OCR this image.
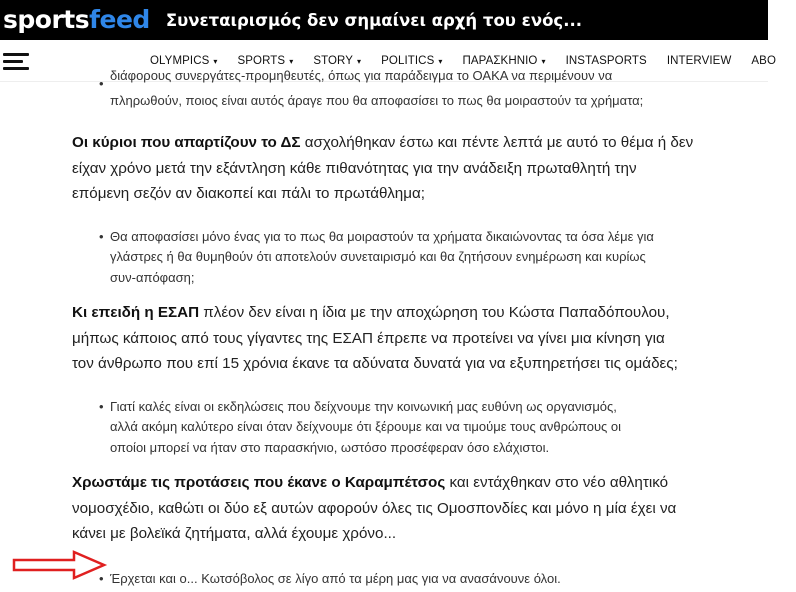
sports feed Συνεταιρισμός δεν σημαίνει αρχή του ενός...
OLYMPICS ▾ SPORTS ▾ STORY ▾ POLITICS ▾ ΠΑΡΑΣΚΗΝΙΟ ▾ INSTASPORTS INTERVIEW ABO
• διάφορους συνεργάτες-προμηθευτές, όπως για παράδειγμα το ΟΑΚΑ να περιμένουν να
πληρωθούν, ποιος είναι αυτός άραγε που θα αποφασίσει το πως θα μοιραστούν τα χρήματα;
Οι κύριοι που απαρτίζουν το ΔΣ ασχολήθηκαν έστω και πέντε λεπτά με αυτό το θέμα ή δεν
είχαν χρόνο μετά την εξάντληση κάθε πιθανότητας για την ανάδειξη πρωταθλητή την
επόμενη σεζόν αν διακοπεί και πάλι το πρωτάθλημα;
• Θα αποφασίσει μόνο ένας για το πως θα μοιραστούν τα χρήματα δικαιώνοντας τα όσα λέμε για
γλάστρες ή θα θυμηθούν ότι αποτελούν συνεταιρισμό και θα ζητήσουν ενημέρωση και κυρίως
συν-απόφαση;
Κι επειδή η ΕΣΑΠ πλέον δεν είναι η ίδια με την αποχώρηση του Κώστα Παπαδόπουλου,
μήπως κάποιος από τους γίγαντες της ΕΣΑΠ έπρεπε να προτείνει να γίνει μια κίνηση για
τον άνθρωπο που επί 15 χρόνια έκανε τα αδύνατα δυνατά για να εξυπηρετήσει τις ομάδες;
• Γιατί καλές είναι οι εκδηλώσεις που δείχνουμε την κοινωνική μας ευθύνη ως οργανισμός,
αλλά ακόμη καλύτερο είναι όταν δείχνουμε ότι ξέρουμε και να τιμούμε τους ανθρώπους οι
οποίοι μπορεί να ήταν στο παρασκήνιο, ωστόσο προσέφεραν όσο ελάχιστοι.
Χρωστάμε τις προτάσεις που έκανε ο Καραμπέτσος και εντάχθηκαν στο νέο αθλητικό
νομοσχέδιο, καθώτι οι δύο εξ αυτών αφορούν όλες τις Ομοσπονδίες και μόνο η μία έχει να
κάνει με βολεϊκά ζητήματα, αλλά έχουμε χρόνο...
• Έρχεται και ο... Κωτσόβολος σε λίγο από τα μέρη μας για να ανασάνουνε όλοι.
